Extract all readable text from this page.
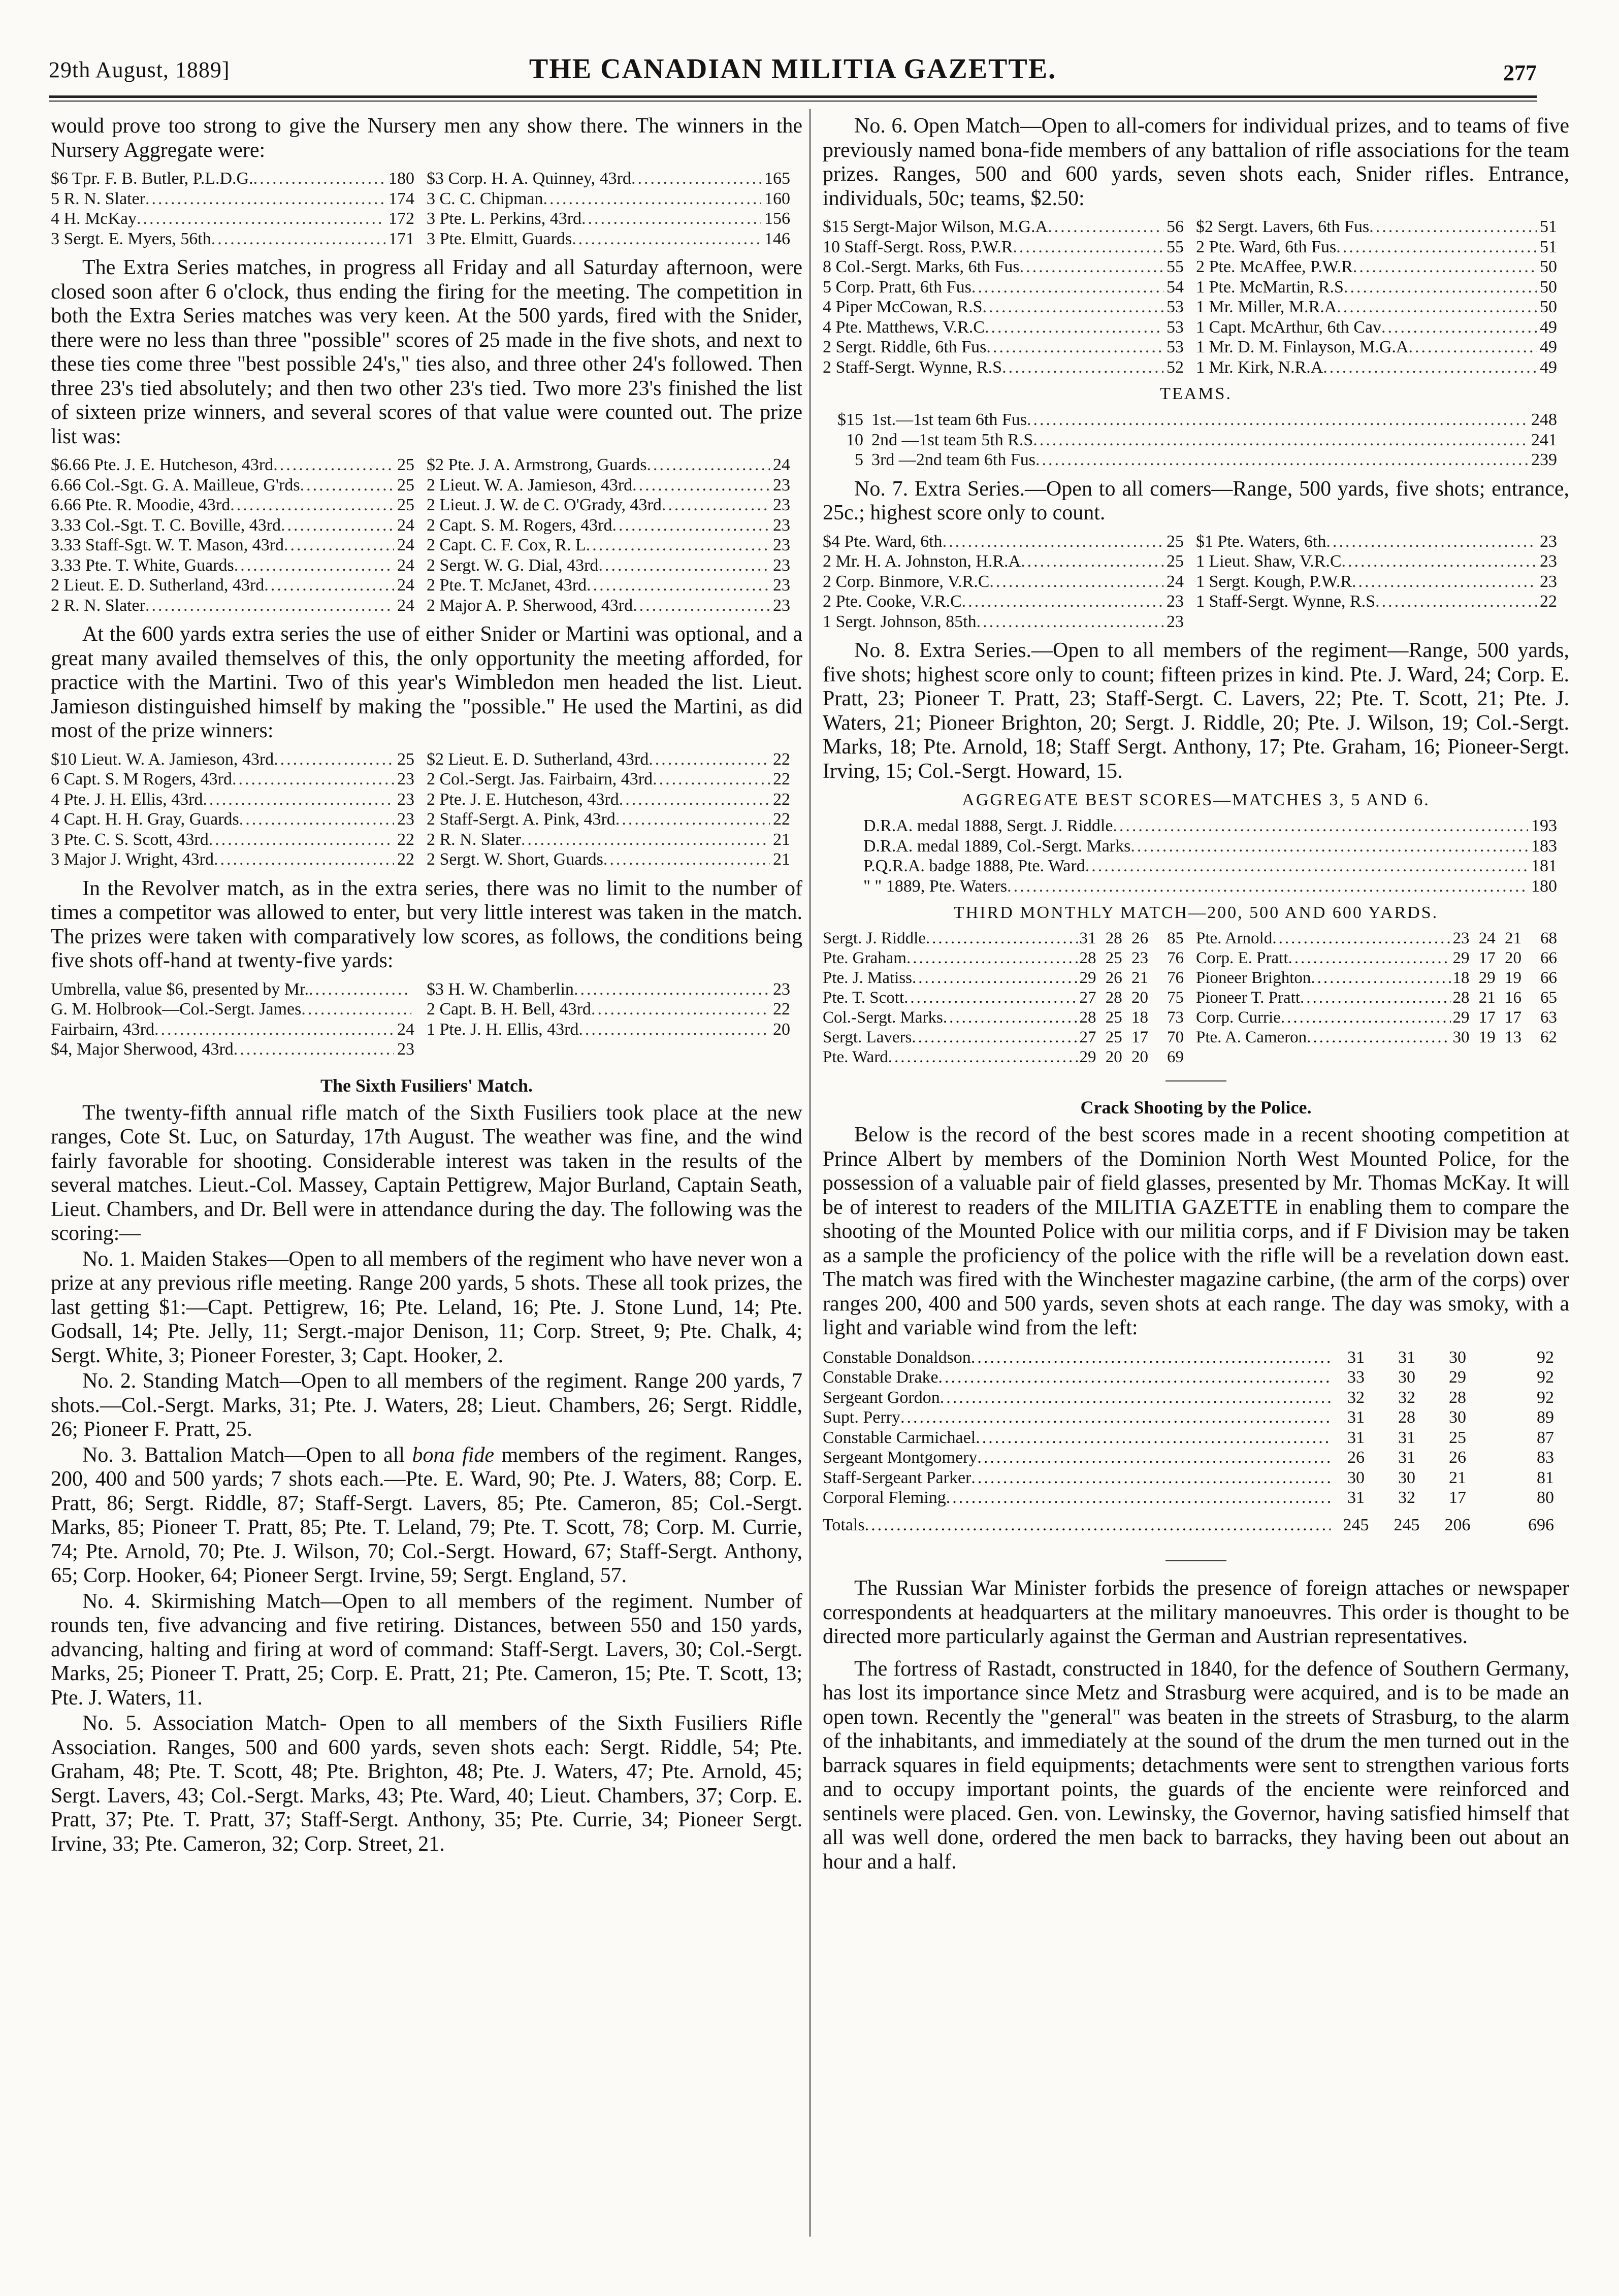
29th August, 1889]	THE CANADIAN MILITIA GAZETTE.	277

would prove too strong to give the Nursery men any show there. The winners in the Nursery Aggregate were:

$6 Tpr. F. B. Butler, P.L.D.G. .....	180 $3 Corp. H. A. Quinney, 43rd .....	165
5 R. N. Slater .....	174 3 C. C. Chipman .....	160
4 H. McKay .....	172 3 Pte. L. Perkins, 43rd .....	156
3 Sergt. E. Myers, 56th .....	171 3 Pte. Elmitt, Guards .....	146

The Extra Series matches, in progress all Friday and all Saturday afternoon, were closed soon after 6 o'clock, thus ending the firing for the meeting. The competition in both the Extra Series matches was very keen. At the 500 yards, fired with the Snider, there were no less than three "possible" scores of 25 made in the five shots, and next to these ties come three "best possible 24's," ties also, and three other 24's followed. Then three 23's tied absolutely; and then two other 23's tied. Two more 23's finished the list of sixteen prize winners, and several scores of that value were counted out. The prize list was:

$6.66 Pte. J. E. Hutcheson, 43rd .....	25 $2 Pte. J. A. Armstrong, Guards .....	24
6.66 Col.-Sgt. G. A. Mailleue, G'rds .....	25 2 Lieut. W. A. Jamieson, 43rd .....	23
6.66 Pte. R. Moodie, 43rd .....	25 2 Lieut. J. W. de C. O'Grady, 43rd .....	23
3.33 Col.-Sgt. T. C. Boville, 43rd .....	24 2 Capt. S. M. Rogers, 43rd .....	23
3.33 Staff-Sgt. W. T. Mason, 43rd .....	24 2 Capt. C. F. Cox, R. L .....	23
3.33 Pte. T. White, Guards .....	24 2 Sergt. W. G. Dial, 43rd .....	23
2 Lieut. E. D. Sutherland, 43rd .....	24 2 Pte. T. McJanet, 43rd .....	23
2 R. N. Slater .....	24 2 Major A. P. Sherwood, 43rd .....	23

At the 600 yards extra series the use of either Snider or Martini was optional, and a great many availed themselves of this, the only opportunity the meeting afforded, for practice with the Martini. Two of this year's Wimbledon men headed the list. Lieut. Jamieson distinguished himself by making the "possible." He used the Martini, as did most of the prize winners:

$10 Lieut. W. A. Jamieson, 43rd .....	25 $2 Lieut. E. D. Sutherland, 43rd .....	22
6 Capt. S. M Rogers, 43rd .....	23 2 Col.-Sergt. Jas. Fairbairn, 43rd .....	22
4 Pte. J. H. Ellis, 43rd .....	23 2 Pte. J. E. Hutcheson, 43rd .....	22
4 Capt. H. H. Gray, Guards .....	23 2 Staff-Sergt. A. Pink, 43rd .....	22
3 Pte. C. S. Scott, 43rd .....	22 2 R. N. Slater .....	21
3 Major J. Wright, 43rd .....	22 2 Sergt. W. Short, Guards .....	21

In the Revolver match, as in the extra series, there was no limit to the number of times a competitor was allowed to enter, but very little interest was taken in the match. The prizes were taken with comparatively low scores, as follows, the conditions being five shots off-hand at twenty-five yards:

Umbrella, value $6, presented by Mr. .....	$3 H. W. Chamberlin .....	23
G. M. Holbrook—Col.-Sergt. James .....	2 Capt. B. H. Bell, 43rd .....	22
Fairbairn, 43rd .....	24 1 Pte. J. H. Ellis, 43rd .....	20
$4, Major Sherwood, 43rd .....	23
The Sixth Fusiliers' Match.

The twenty-fifth annual rifle match of the Sixth Fusiliers took place at the new ranges, Cote St. Luc, on Saturday, 17th August. The weather was fine, and the wind fairly favorable for shooting. Considerable interest was taken in the results of the several matches. Lieut.-Col. Massey, Captain Pettigrew, Major Burland, Captain Seath, Lieut. Chambers, and Dr. Bell were in attendance during the day. The following was the scoring:—

No. 1. Maiden Stakes—Open to all members of the regiment who have never won a prize at any previous rifle meeting. Range 200 yards, 5 shots. These all took prizes, the last getting $1:—Capt. Pettigrew, 16; Pte. Leland, 16; Pte. J. Stone Lund, 14; Pte. Godsall, 14; Pte. Jelly, 11; Sergt.-major Denison, 11; Corp. Street, 9; Pte. Chalk, 4; Sergt. White, 3; Pioneer Forester, 3; Capt. Hooker, 2.

No. 2. Standing Match—Open to all members of the regiment. Range 200 yards, 7 shots.—Col.-Sergt. Marks, 31; Pte. J. Waters, 28; Lieut. Chambers, 26; Sergt. Riddle, 26; Pioneer F. Pratt, 25.

No. 3. Battalion Match—Open to all bona fide members of the regiment. Ranges, 200, 400 and 500 yards; 7 shots each.—Pte. E. Ward, 90; Pte. J. Waters, 88; Corp. E. Pratt, 86; Sergt. Riddle, 87; Staff-Sergt. Lavers, 85; Pte. Cameron, 85; Col.-Sergt. Marks, 85; Pioneer T. Pratt, 85; Pte. T. Leland, 79; Pte. T. Scott, 78; Corp. M. Currie, 74; Pte. Arnold, 70; Pte. J. Wilson, 70; Col.-Sergt. Howard, 67; Staff-Sergt. Anthony, 65; Corp. Hooker, 64; Pioneer Sergt. Irvine, 59; Sergt. England, 57.

No. 4. Skirmishing Match—Open to all members of the regiment. Number of rounds ten, five advancing and five retiring. Distances, between 550 and 150 yards, advancing, halting and firing at word of command: Staff-Sergt. Lavers, 30; Col.-Sergt. Marks, 25; Pioneer T. Pratt, 25; Corp. E. Pratt, 21; Pte. Cameron, 15; Pte. T. Scott, 13; Pte. J. Waters, 11.

No. 5. Association Match- Open to all members of the Sixth Fusiliers Rifle Association. Ranges, 500 and 600 yards, seven shots each: Sergt. Riddle, 54; Pte. Graham, 48; Pte. T. Scott, 48; Pte. Brighton, 48; Pte. J. Waters, 47; Pte. Arnold, 45; Sergt. Lavers, 43; Col.-Sergt. Marks, 43; Pte. Ward, 40; Lieut. Chambers, 37; Corp. E. Pratt, 37; Pte. T. Pratt, 37; Staff-Sergt. Anthony, 35; Pte. Currie, 34; Pioneer Sergt. Irvine, 33; Pte. Cameron, 32; Corp. Street, 21.

No. 6. Open Match—Open to all-comers for individual prizes, and to teams of five previously named bona-fide members of any battalion of rifle associations for the team prizes. Ranges, 500 and 600 yards, seven shots each, Snider rifles. Entrance, individuals, 50c; teams, $2.50:

$15 Sergt-Major Wilson, M.G.A .....	56 $2 Sergt. Lavers, 6th Fus .....	51
10 Staff-Sergt. Ross, P.W.R .....	55 2 Pte. Ward, 6th Fus .....	51
8 Col.-Sergt. Marks, 6th Fus .....	55 2 Pte. McAffee, P.W.R .....	50
5 Corp. Pratt, 6th Fus .....	54 1 Pte. McMartin, R.S .....	50
4 Piper McCowan, R.S .....	53 1 Mr. Miller, M.R.A .....	50
4 Pte. Matthews, V.R.C .....	53 1 Capt. McArthur, 6th Cav .....	49
2 Sergt. Riddle, 6th Fus .....	53 1 Mr. D. M. Finlayson, M.G.A .....	49
2 Staff-Sergt. Wynne, R.S .....	52 1 Mr. Kirk, N.R.A .....	49
TEAMS.
$15 1st.—1st team 6th Fus .....	248
10 2nd —1st team 5th R.S .....	241
5 3rd —2nd team 6th Fus .....	239

No. 7. Extra Series.—Open to all comers—Range, 500 yards, five shots; entrance, 25c.; highest score only to count.

$4 Pte. Ward, 6th .....	25 $1 Pte. Waters, 6th .....	23
2 Mr. H. A. Johnston, H.R.A .....	25 1 Lieut. Shaw, V.R.C .....	23
2 Corp. Binmore, V.R.C .....	24 1 Sergt. Kough, P.W.R .....	23
2 Pte. Cooke, V.R.C .....	23 1 Staff-Sergt. Wynne, R.S .....	22
1 Sergt. Johnson, 85th .....	23

No. 8. Extra Series.—Open to all members of the regiment—Range, 500 yards, five shots; highest score only to count; fifteen prizes in kind. Pte. J. Ward, 24; Corp. E. Pratt, 23; Pioneer T. Pratt, 23; Staff-Sergt. C. Lavers, 22; Pte. T. Scott, 21; Pte. J. Waters, 21; Pioneer Brighton, 20; Sergt. J. Riddle, 20; Pte. J. Wilson, 19; Col.-Sergt. Marks, 18; Pte. Arnold, 18; Staff Sergt. Anthony, 17; Pte. Graham, 16; Pioneer-Sergt. Irving, 15; Col.-Sergt. Howard, 15.

AGGREGATE BEST SCORES—MATCHES 3, 5 AND 6.
D.R.A. medal 1888, Sergt. J. Riddle .....	193
D.R.A. medal 1889, Col.-Sergt. Marks .....	183
P.Q.R.A. badge 1888, Pte. Ward .....	181
" " 1889, Pte. Waters .....	180
THIRD MONTHLY MATCH—200, 500 AND 600 YARDS.
Sergt. J. Riddle .....	31 28 26	85 Pte. Arnold .....	23 24 21	68
Pte. Graham .....	28 25 23	76 Corp. E. Pratt .....	29 17 20	66
Pte. J. Matiss .....	29 26 21	76 Pioneer Brighton .....	18 29 19	66
Pte. T. Scott .....	27 28 20	75 Pioneer T. Pratt .....	28 21 16	65
Col.-Sergt. Marks .....	28 25 18	73 Corp. Currie .....	29 17 17	63
Sergt. Lavers .....	27 25 17	70 Pte. A. Cameron .....	30 19 13	62
Pte. Ward .....	29 20 20	69
Crack Shooting by the Police.

Below is the record of the best scores made in a recent shooting competition at Prince Albert by members of the Dominion North West Mounted Police, for the possession of a valuable pair of field glasses, presented by Mr. Thomas McKay. It will be of interest to readers of the MILITIA GAZETTE in enabling them to compare the shooting of the Mounted Police with our militia corps, and if F Division may be taken as a sample the proficiency of the police with the rifle will be a revelation down east. The match was fired with the Winchester magazine carbine, (the arm of the corps) over ranges 200, 400 and 500 yards, seven shots at each range. The day was smoky, with a light and variable wind from the left:

Constable Donaldson .....	31	31	30	92
Constable Drake .....	33	30	29	92
Sergeant Gordon .....	32	32	28	92
Supt. Perry .....	31	28	30	89
Constable Carmichael .....	31	31	25	87
Sergeant Montgomery .....	26	31	26	83
Staff-Sergeant Parker .....	30	30	21	81
Corporal Fleming .....	31	32	17	80
Totals .....	245	245	206	696

The Russian War Minister forbids the presence of foreign attaches or newspaper correspondents at headquarters at the military manoeuvres. This order is thought to be directed more particularly against the German and Austrian representatives.

The fortress of Rastadt, constructed in 1840, for the defence of Southern Germany, has lost its importance since Metz and Strasburg were acquired, and is to be made an open town. Recently the "general" was beaten in the streets of Strasburg, to the alarm of the inhabitants, and immediately at the sound of the drum the men turned out in the barrack squares in field equipments; detachments were sent to strengthen various forts and to occupy important points, the guards of the enciente were reinforced and sentinels were placed. Gen. von. Lewinsky, the Governor, having satisfied himself that all was well done, ordered the men back to barracks, they having been out about an hour and a half.
